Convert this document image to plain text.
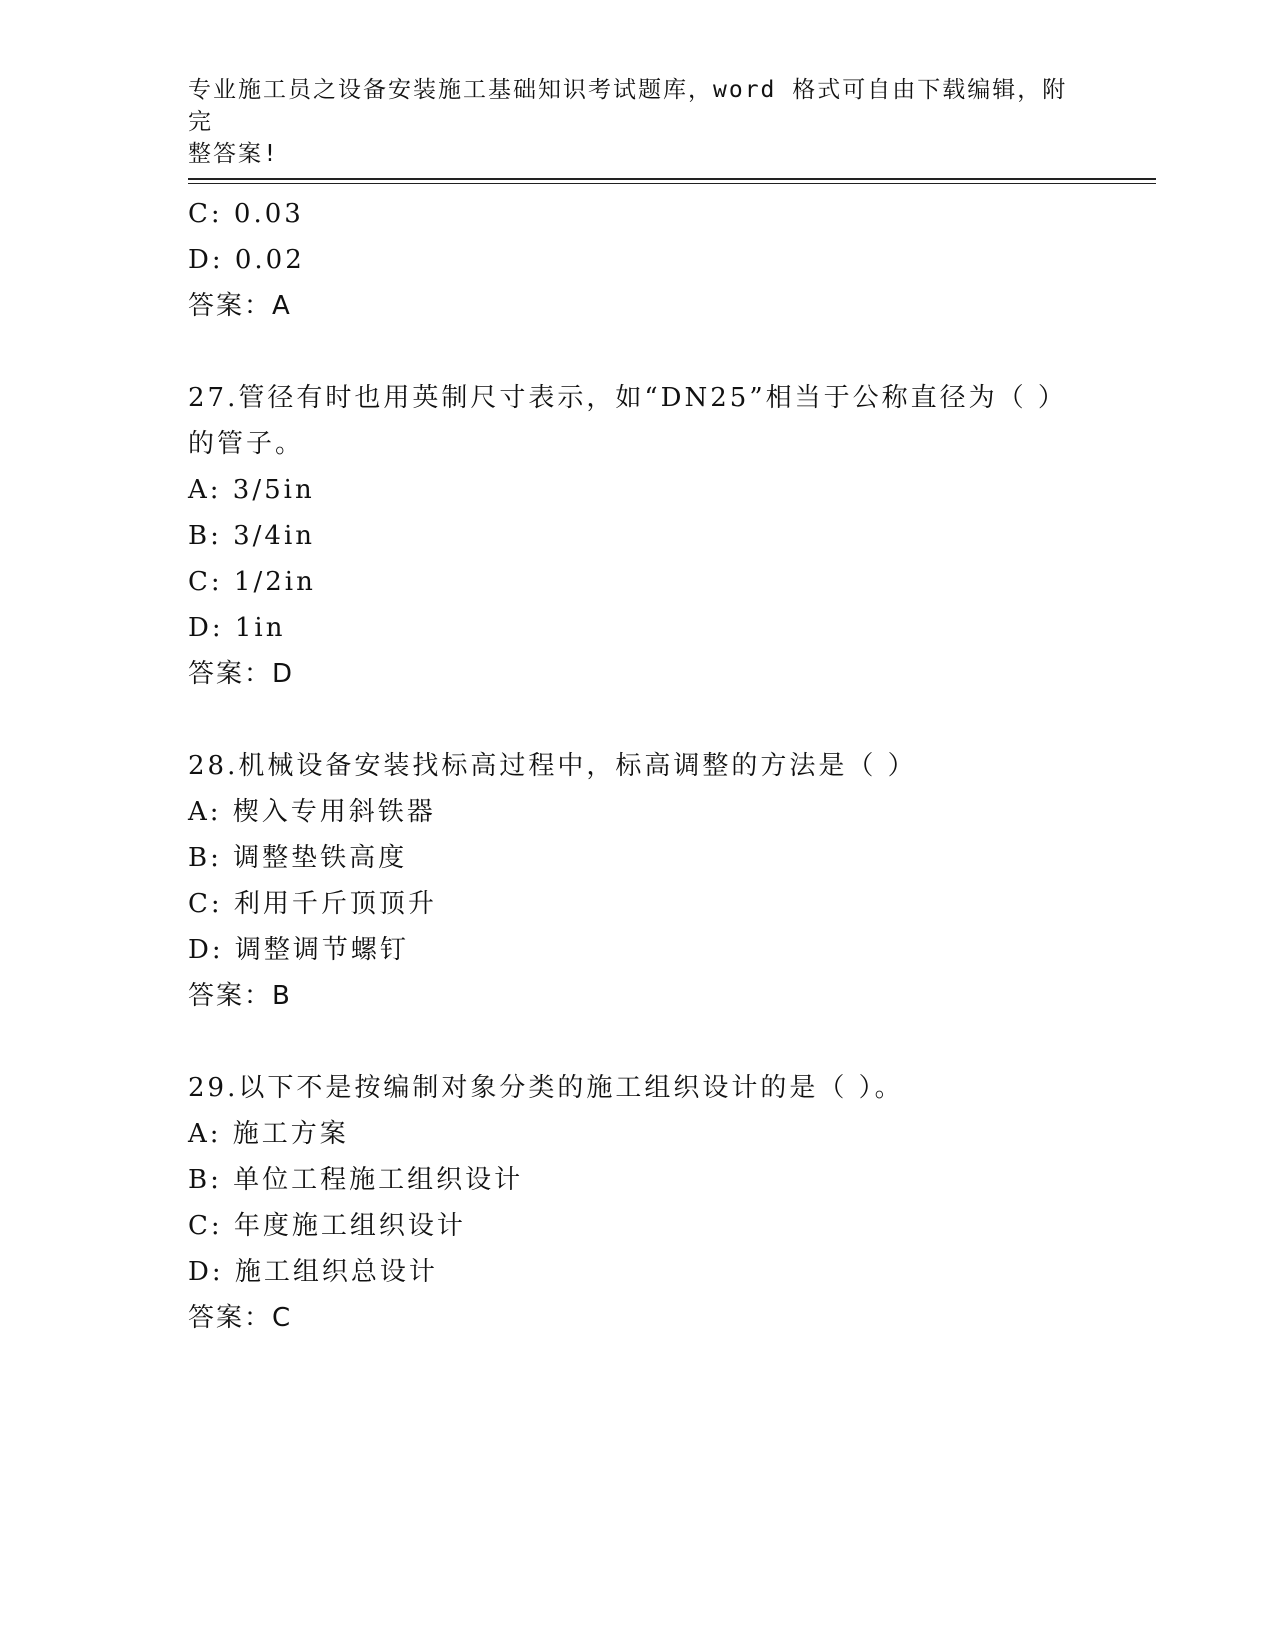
专业施工员之设备安装施工基础知识考试题库，word 格式可自由下载编辑，附完
整答案!
C: 0.03
D: 0.02
答案：A
27.管径有时也用英制尺寸表示，如“DN25”相当于公称直径为（ ）
的管子。
A: 3/5in
B: 3/4in
C: 1/2in
D: 1in
答案：D
28.机械设备安装找标高过程中，标高调整的方法是（ ）
A: 楔入专用斜铁器
B: 调整垫铁高度
C: 利用千斤顶顶升
D: 调整调节螺钉
答案：B
29.以下不是按编制对象分类的施工组织设计的是（ ）。
A: 施工方案
B: 单位工程施工组织设计
C: 年度施工组织设计
D: 施工组织总设计
答案：C
